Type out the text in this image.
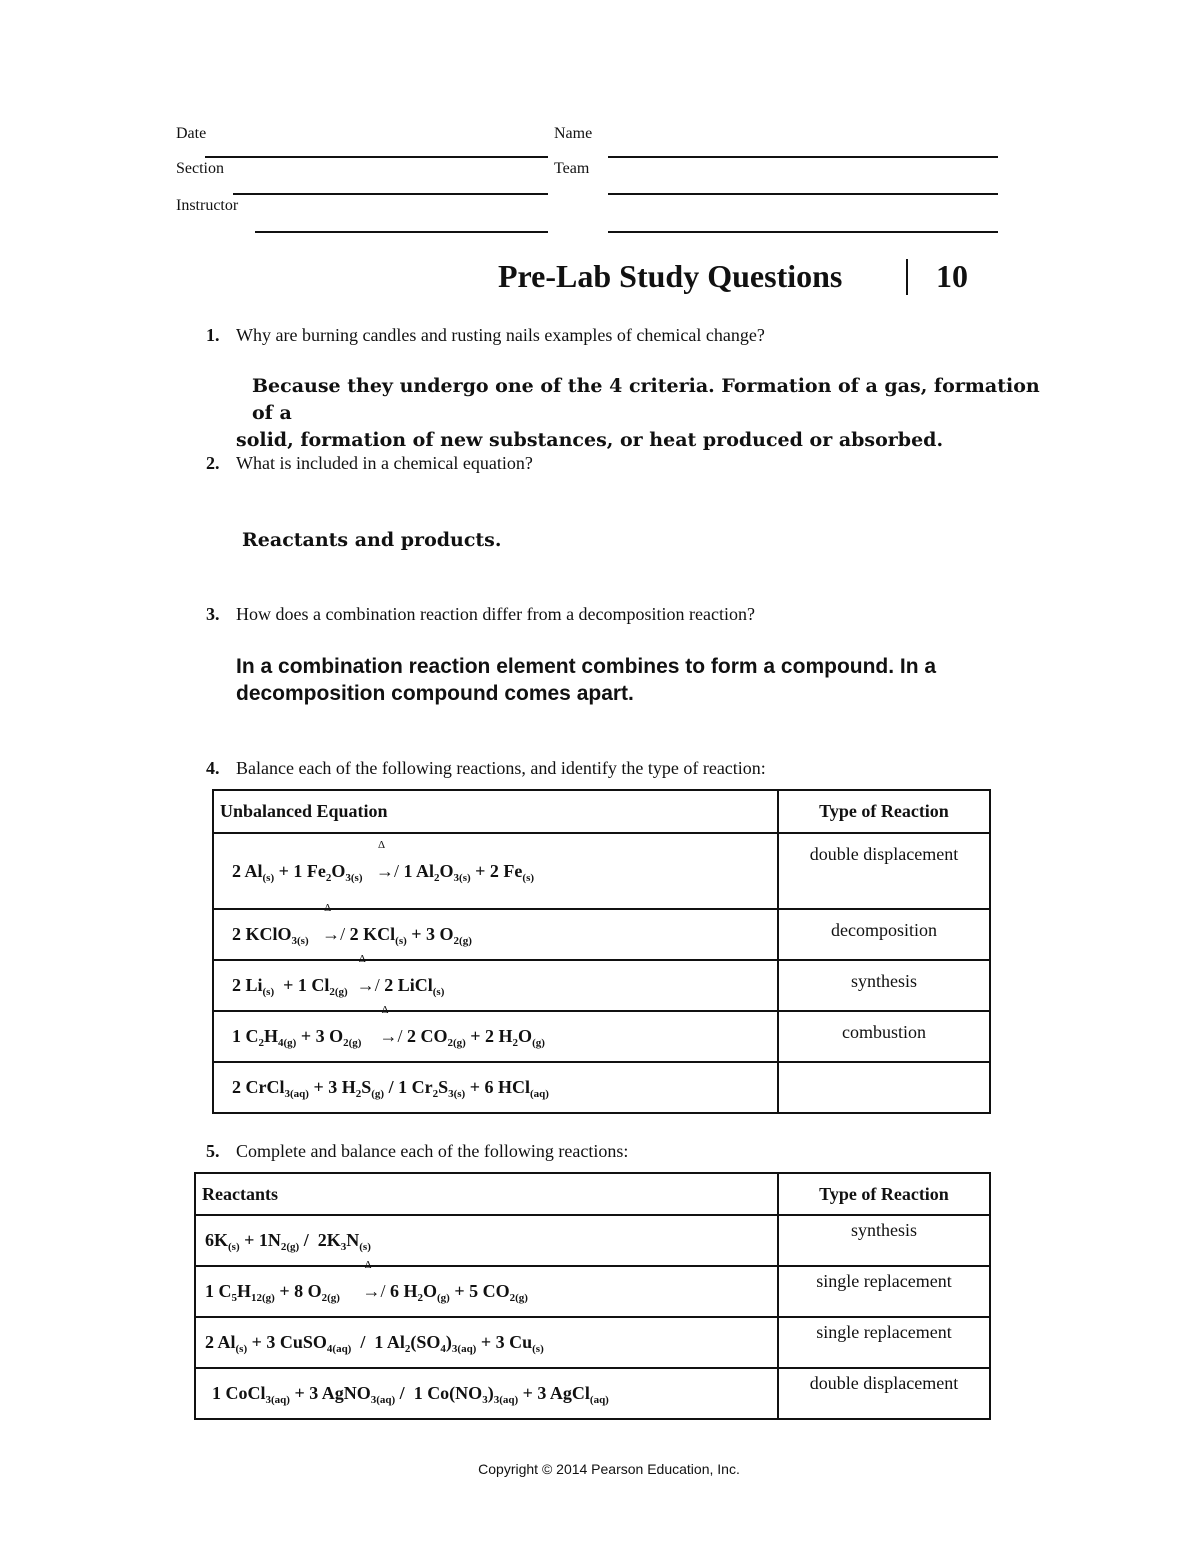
Date	Name
Section	Team
Instructor
Pre-Lab Study Questions	10
1. Why are burning candles and rusting nails examples of chemical change?
Because they undergo one of the 4 criteria. Formation of a gas, formation of a
solid, formation of new substances, or heat produced or absorbed.
2. What is included in a chemical equation?
Reactants and products.
3. How does a combination reaction differ from a decomposition reaction?
In a combination reaction element combines to form a compound. In a
decomposition compound comes apart.
4. Balance each of the following reactions, and identify the type of reaction:
Unbalanced Equation	Type of Reaction
2 $Al_{(s)} + 1$ $Fe_2O_{3(s)}$
Δ
→/ 1 $Al_2O_{3(s)} + 2$ $Fe_{(s)}$	double displacement
2 KClO$_{3(s)}$
Δ
→/ 2 KCl$_{(s)}$ + 3 $O_{2(g)}$	decomposition
2 $Li_{(s)} + 1$ $Cl_{2(g)}$
Δ
→/ 2 LiCl$_{(s)}$	synthesis
1 $C_2H_{4(g)} + 3$ $O_{2(g)}$
Δ
→/ 2 $CO_{2(g)} + 2$ $H_2O_{(g)}$	combustion
2 CrCl$_{3(aq)}$ + 3 $H_2S_{(g)} / 1$ $Cr_2S_{3(s)} + 6$ HCl$_{(aq)}$	
5. Complete and balance each of the following reactions:
Reactants	Type of Reaction
$6K_{(s)} + 1N_{2(g)} / 2K_3N_{(s)}$	synthesis
1 $C_5H_{12(g)} + 8$ $O_{2(g)}$
Δ
→/ 6 $H_2O_{(g)} + 5$ $CO_{2(g)}$	single replacement
2 $Al_{(s)} + 3$ CuSO$_{4(aq)}$ /  1 $Al_2(SO_4)_{3(aq)} + 3$ $Cu_{(s)}$	single replacement
1 CoCl$_{3(aq)}$ + 3 AgNO$_{3(aq)}$ /  1 $Co(NO_3)_{3(aq)} + 3$ AgCl$_{(aq)}$	double displacement
Copyright © 2014 Pearson Education, Inc.
